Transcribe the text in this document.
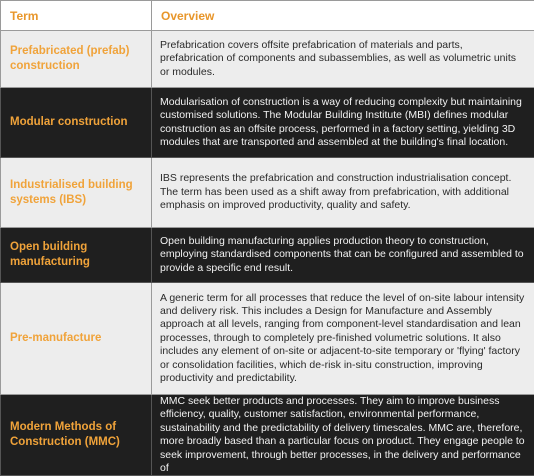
Term	Overview
Prefabricated (prefab) construction	Prefabrication covers offsite prefabrication of materials and parts, prefabrication of components and subassemblies, as well as volumetric units or modules.
Modular construction	Modularisation of construction is a way of reducing complexity but maintaining customised solutions. The Modular Building Institute (MBI) defines modular construction as an offsite process, performed in a factory setting, yielding 3D modules that are transported and assembled at the building's final location.
Industrialised building systems (IBS)	IBS represents the prefabrication and construction industrialisation concept. The term has been used as a shift away from prefabrication, with additional emphasis on improved productivity, quality and safety.
Open building manufacturing	Open building manufacturing applies production theory to construction, employing standardised components that can be configured and assembled to provide a specific end result.
Pre-manufacture	A generic term for all processes that reduce the level of on-site labour intensity and delivery risk. This includes a Design for Manufacture and Assembly approach at all levels, ranging from component-level standardisation and lean processes, through to completely pre-finished volumetric solutions. It also includes any element of on-site or adjacent-to-site temporary or 'flying' factory or consolidation facilities, which de-risk in-situ construction, improving productivity and predictability.
Modern Methods of Construction (MMC)	MMC seek better products and processes. They aim to improve business efficiency, quality, customer satisfaction, environmental performance, sustainability and the predictability of delivery timescales. MMC are, therefore, more broadly based than a particular focus on product. They engage people to seek improvement, through better processes, in the delivery and performance of
